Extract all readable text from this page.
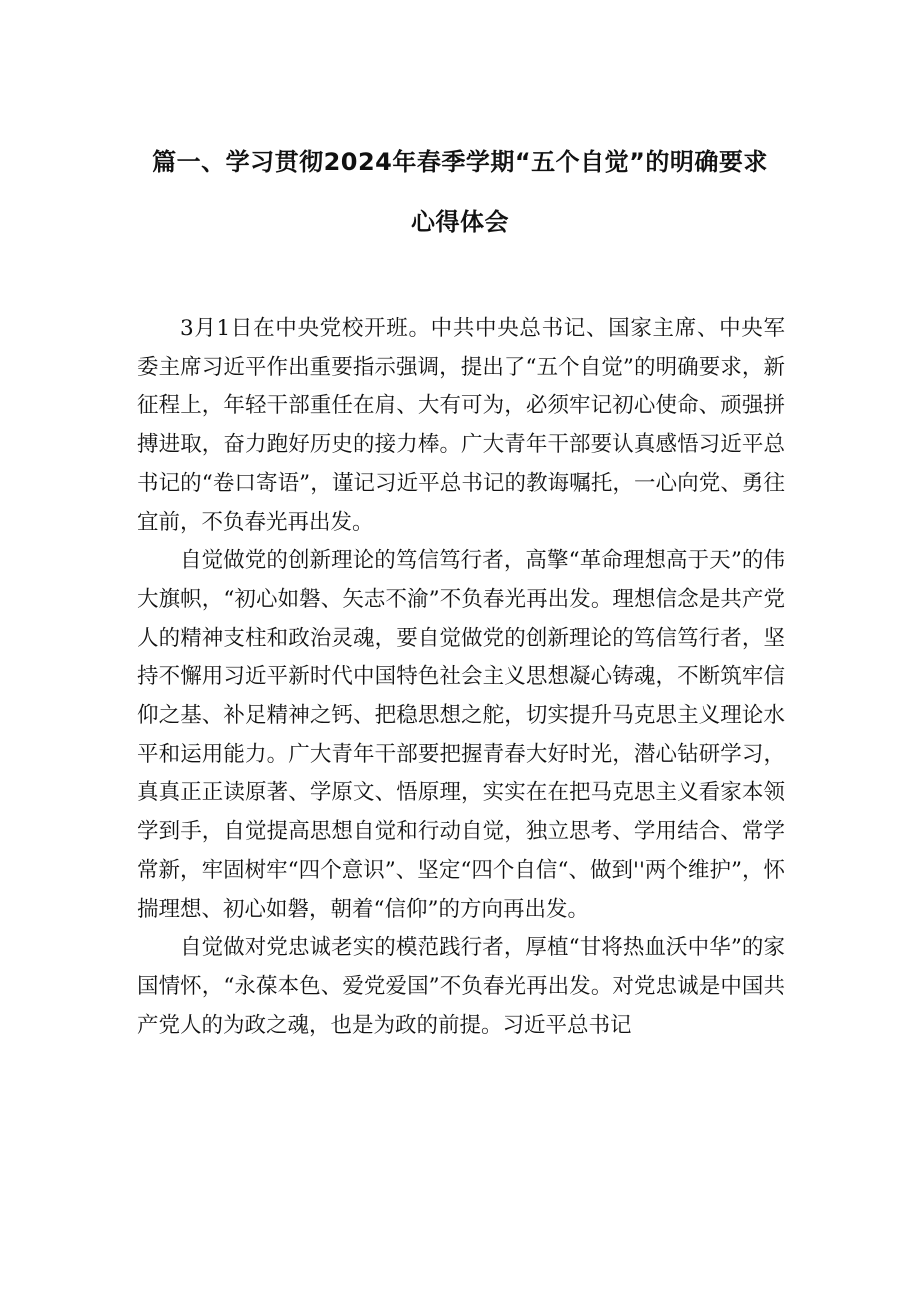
篇一、学习贯彻2024年春季学期“五个自觉”的明确要求
心得体会

3月1日在中央党校开班。中共中央总书记、国家主席、中央军委主席习近平作出重要指示强调，提出了“五个自觉”的明确要求，新征程上，年轻干部重任在肩、大有可为，必须牢记初心使命、顽强拼搏进取，奋力跑好历史的接力棒。广大青年干部要认真感悟习近平总书记的“卷口寄语”，谨记习近平总书记的教诲嘱托，一心向党、勇往宜前，不负春光再出发。

自觉做党的创新理论的笃信笃行者，高擎“革命理想高于天”的伟大旗帜，“初心如磐、矢志不渝”不负春光再出发。理想信念是共产党人的精神支柱和政治灵魂，要自觉做党的创新理论的笃信笃行者，坚持不懈用习近平新时代中国特色社会主义思想凝心铸魂，不断筑牢信仰之基、补足精神之钙、把稳思想之舵，切实提升马克思主义理论水平和运用能力。广大青年干部要把握青春大好时光，潜心钻研学习，真真正正读原著、学原文、悟原理，实实在在把马克思主义看家本领学到手，自觉提高思想自觉和行动自觉，独立思考、学用结合、常学常新，牢固树牢“四个意识”、坚定“四个自信“、做到''两个维护”，怀揣理想、初心如磐，朝着“信仰”的方向再出发。

自觉做对党忠诚老实的模范践行者，厚植“甘将热血沃中华”的家国情怀，“永葆本色、爱党爱国”不负春光再出发。对党忠诚是中国共产党人的为政之魂，也是为政的前提。习近平总书记
